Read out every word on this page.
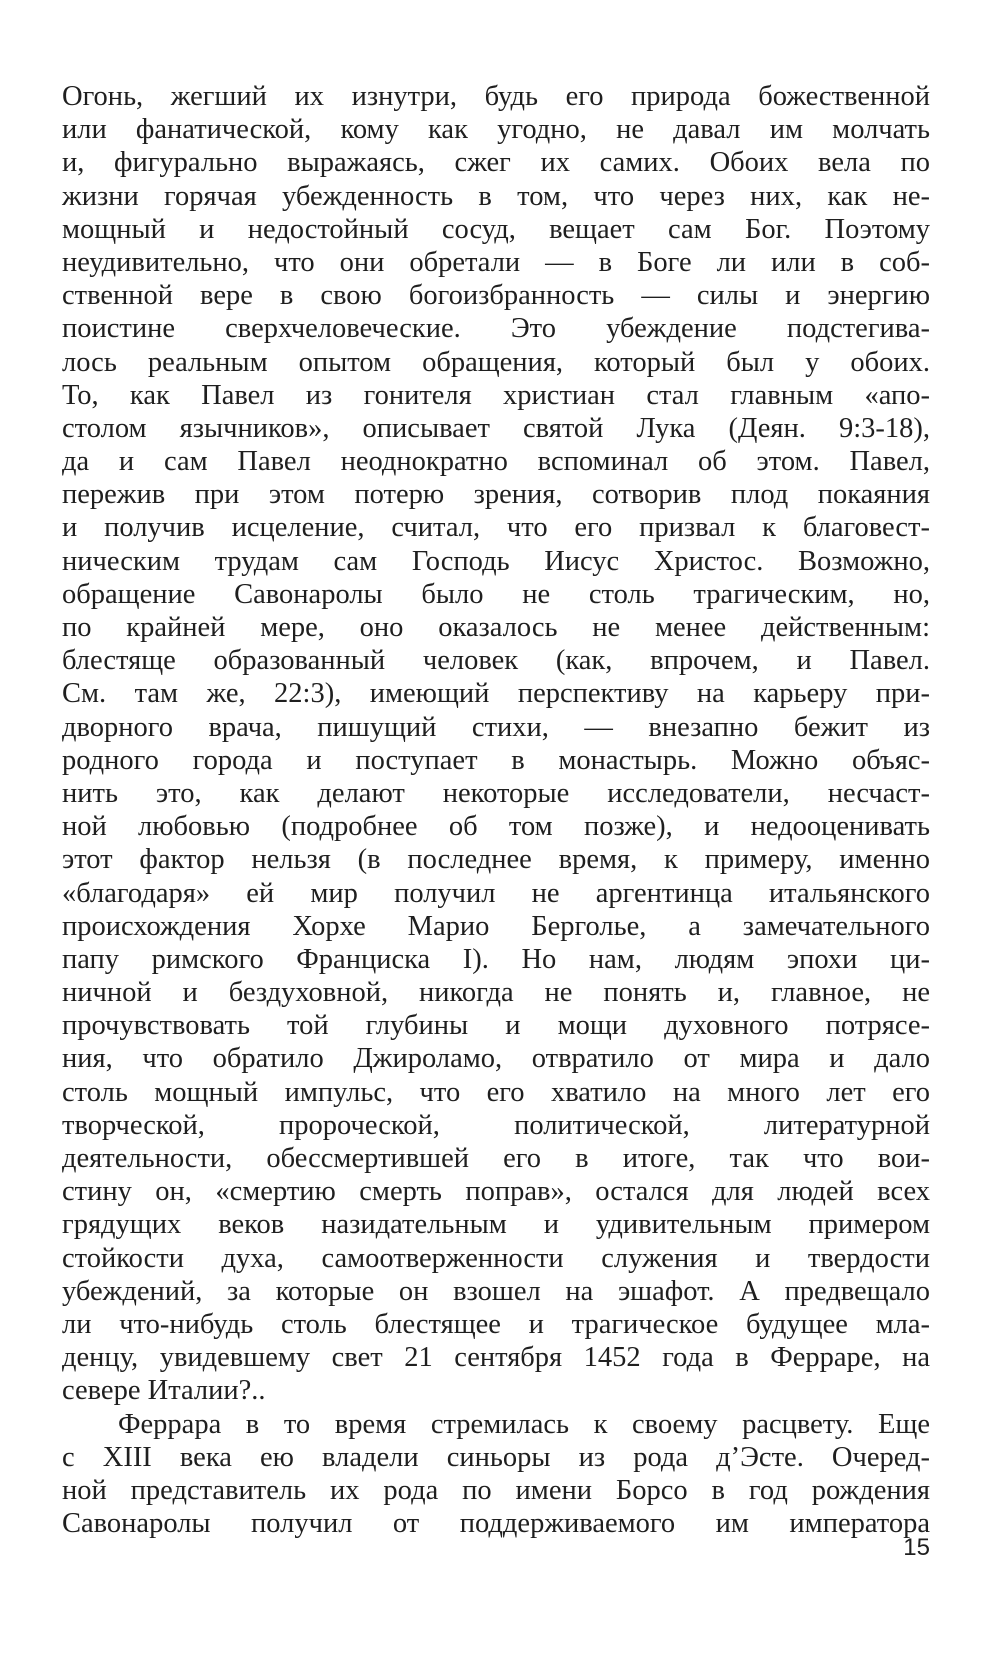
Огонь, жегший их изнутри, будь его природа божественной
или фанатической, кому как угодно, не давал им молчать
и, фигурально выражаясь, сжег их самих. Обоих вела по
жизни горячая убежденность в том, что через них, как не-
мощный и недостойный сосуд, вещает сам Бог. Поэтому
неудивительно, что они обретали — в Боге ли или в соб-
ственной вере в свою богоизбранность — силы и энергию
поистине сверхчеловеческие. Это убеждение подстегива-
лось реальным опытом обращения, который был у обоих.
То, как Павел из гонителя христиан стал главным «апо-
столом язычников», описывает святой Лука (Деян. 9:3-18),
да и сам Павел неоднократно вспоминал об этом. Павел,
пережив при этом потерю зрения, сотворив плод покаяния
и получив исцеление, считал, что его призвал к благовест-
ническим трудам сам Господь Иисус Христос. Возможно,
обращение Савонаролы было не столь трагическим, но,
по крайней мере, оно оказалось не менее действенным:
блестяще образованный человек (как, впрочем, и Павел.
См. там же, 22:3), имеющий перспективу на карьеру при-
дворного врача, пишущий стихи, — внезапно бежит из
родного города и поступает в монастырь. Можно объяс-
нить это, как делают некоторые исследователи, несчаст-
ной любовью (подробнее об том позже), и недооценивать
этот фактор нельзя (в последнее время, к примеру, именно
«благодаря» ей мир получил не аргентинца итальянского
происхождения Хорхе Марио Берголье, а замечательного
папу римского Франциска I). Но нам, людям эпохи ци-
ничной и бездуховной, никогда не понять и, главное, не
прочувствовать той глубины и мощи духовного потрясе-
ния, что обратило Джироламо, отвратило от мира и дало
столь мощный импульс, что его хватило на много лет его
творческой, пророческой, политической, литературной
деятельности, обессмертившей его в итоге, так что вои-
стину он, «смертию смерть поправ», остался для людей всех
грядущих веков назидательным и удивительным примером
стойкости духа, самоотверженности служения и твердости
убеждений, за которые он взошел на эшафот. А предвещало
ли что-нибудь столь блестящее и трагическое будущее мла-
денцу, увидевшему свет 21 сентября 1452 года в Ферраре, на
севере Италии?..
Феррара в то время стремилась к своему расцвету. Еще
с XIII века ею владели синьоры из рода д’Эсте. Очеред-
ной представитель их рода по имени Борсо в год рождения
Савонаролы получил от поддерживаемого им императора
15
